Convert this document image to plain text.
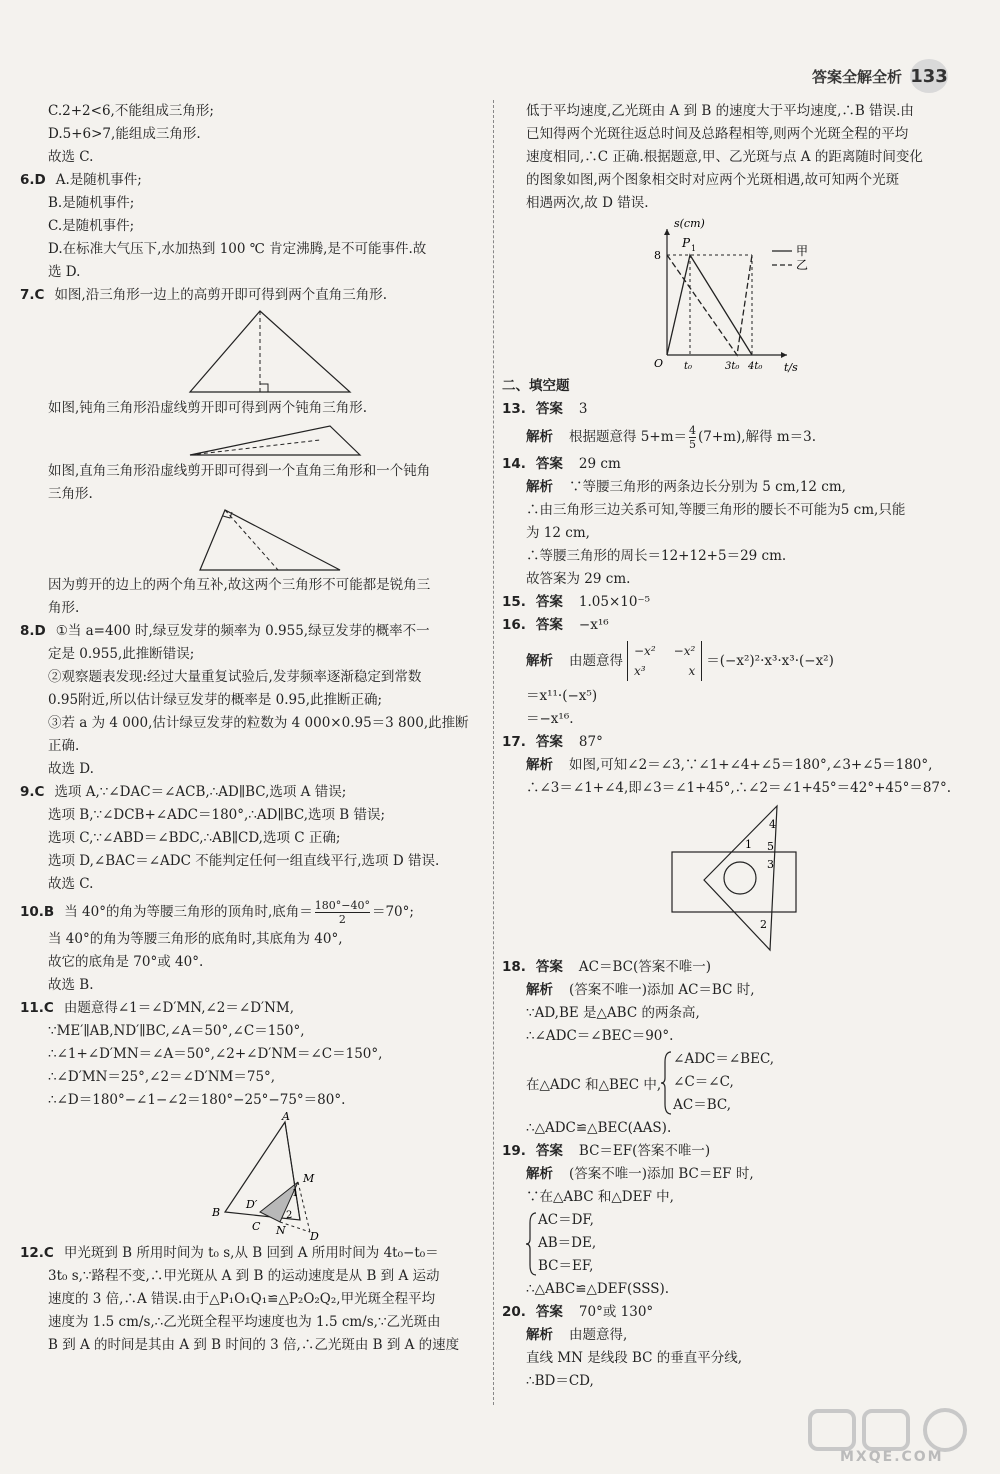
答案全解全析 133
C.2+2<6,不能组成三角形;
D.5+6>7,能组成三角形.
故选 C.
6.D A.是随机事件;
B.是随机事件;
C.是随机事件;
D.在标准大气压下,水加热到 100 ℃ 肯定沸腾,是不可能事件.故
选 D.
7.C 如图,沿三角形一边上的高剪开即可得到两个直角三角形.
如图,钝角三角形沿虚线剪开即可得到两个钝角三角形.
如图,直角三角形沿虚线剪开即可得到一个直角三角形和一个钝角
三角形.
因为剪开的边上的两个角互补,故这两个三角形不可能都是锐角三
角形.
8.D ①当 a=400 时,绿豆发芽的频率为 0.955,绿豆发芽的概率不一
定是 0.955,此推断错误;
②观察题表发现:经过大量重复试验后,发芽频率逐渐稳定到常数
0.95附近,所以估计绿豆发芽的概率是 0.95,此推断正确;
③若 a 为 4 000,估计绿豆发芽的粒数为 4 000×0.95＝3 800,此推断
正确.
故选 D.
9.C 选项 A,∵∠DAC＝∠ACB,∴AD∥BC,选项 A 错误;
选项 B,∵∠DCB+∠ADC＝180°,∴AD∥BC,选项 B 错误;
选项 C,∵∠ABD＝∠BDC,∴AB∥CD,选项 C 正确;
选项 D,∠BAC＝∠ADC 不能判定任何一组直线平行,选项 D 错误.
故选 C.
10.B 当 40°的角为等腰三角形的顶角时,底角＝ $\frac{180^\circ-40^\circ}{2} =70^\circ$;
当 40°的角为等腰三角形的底角时,其底角为 40°,
故它的底角是 70°或 40°.
故选 B.
11.C 由题意得∠1＝∠D′MN,∠2＝∠D′NM,
∵ME′∥AB,ND′∥BC,∠A＝50°,∠C＝150°,
∴∠1+∠D′MN＝∠A＝50°,∠2+∠D′NM＝∠C＝150°,
∴∠D′MN＝25°,∠2＝∠D′NM＝75°,
∴∠D＝180°−∠1−∠2＝180°−25°−75°＝80°.
A
B
C
D
D′
M
N
1
2
12.C 甲光斑到 B 所用时间为 t₀ s,从 B 回到 A 所用时间为 4t₀−t₀＝
3t₀ s,∵路程不变,∴甲光斑从 A 到 B 的运动速度是从 B 到 A 运动
速度的 3 倍,∴A 错误.由于△P₁O₁Q₁≌△P₂O₂Q₂,甲光斑全程平均
速度为 1.5 cm/s,∴乙光斑全程平均速度也为 1.5 cm/s,∵乙光斑由
B 到 A 的时间是其由 A 到 B 时间的 3 倍,∴乙光斑由 B 到 A 的速度
低于平均速度,乙光斑由 A 到 B 的速度大于平均速度,∴B 错误.由
已知得两个光斑往返总时间及总路程相等,则两个光斑全程的平均
速度相同,∴C 正确.根据题意,甲、乙光斑与点 A 的距离随时间变化
的图象如图,两个图象相交时对应两个光斑相遇,故可知两个光斑
相遇两次,故 D 错误.
s(cm)
t/s
O
8
P 1
t₀	3t₀ 4t₀
甲
乙
二、填空题
13. 答案 3
解析 根据题意得 $5+m= \frac{4}{5} (7+m)$,解得 m＝3.
14. 答案 29 cm
解析 ∵等腰三角形的两条边长分别为 5 cm,12 cm,
∴由三角形三边关系可知,等腰三角形的腰长不可能为5 cm,只能
为 12 cm,
∴等腰三角形的周长＝12+12+5＝29 cm.
故答案为 29 cm.
15. 答案 1.05×10⁻⁵
16. 答案 −x¹⁶
解析 由题意得
−x² −x²
x³	x
＝(−x²)²·x³·x³·(−x²)
＝x¹¹·(−x⁵)
＝−x¹⁶.
17. 答案 87°
解析 如图,可知∠2＝∠3,∵∠1+∠4+∠5＝180°,∠3+∠5＝180°,
∴∠3＝∠1+∠4,即∠3＝∠1+45°,∴∠2＝∠1+45°＝42°+45°＝87°.
1
2
3
4
5
18. 答案 AC＝BC(答案不唯一)
解析 (答案不唯一)添加 AC＝BC 时,
∵AD,BE 是△ABC 的两条高,
∴∠ADC＝∠BEC＝90°.
在△ADC 和△BEC 中,
∠ADC＝∠BEC,
∠C＝∠C,
AC＝BC,
∴△ADC≌△BEC(AAS).
19. 答案 BC＝EF(答案不唯一)
解析 (答案不唯一)添加 BC＝EF 时,
∵在△ABC 和△DEF 中,
AC＝DF,
AB＝DE,
BC＝EF,
∴△ABC≌△DEF(SSS).
20. 答案 70°或 130°
解析 由题意得,
直线 MN 是线段 BC 的垂直平分线,
∴BD＝CD,
MXQE.COM
